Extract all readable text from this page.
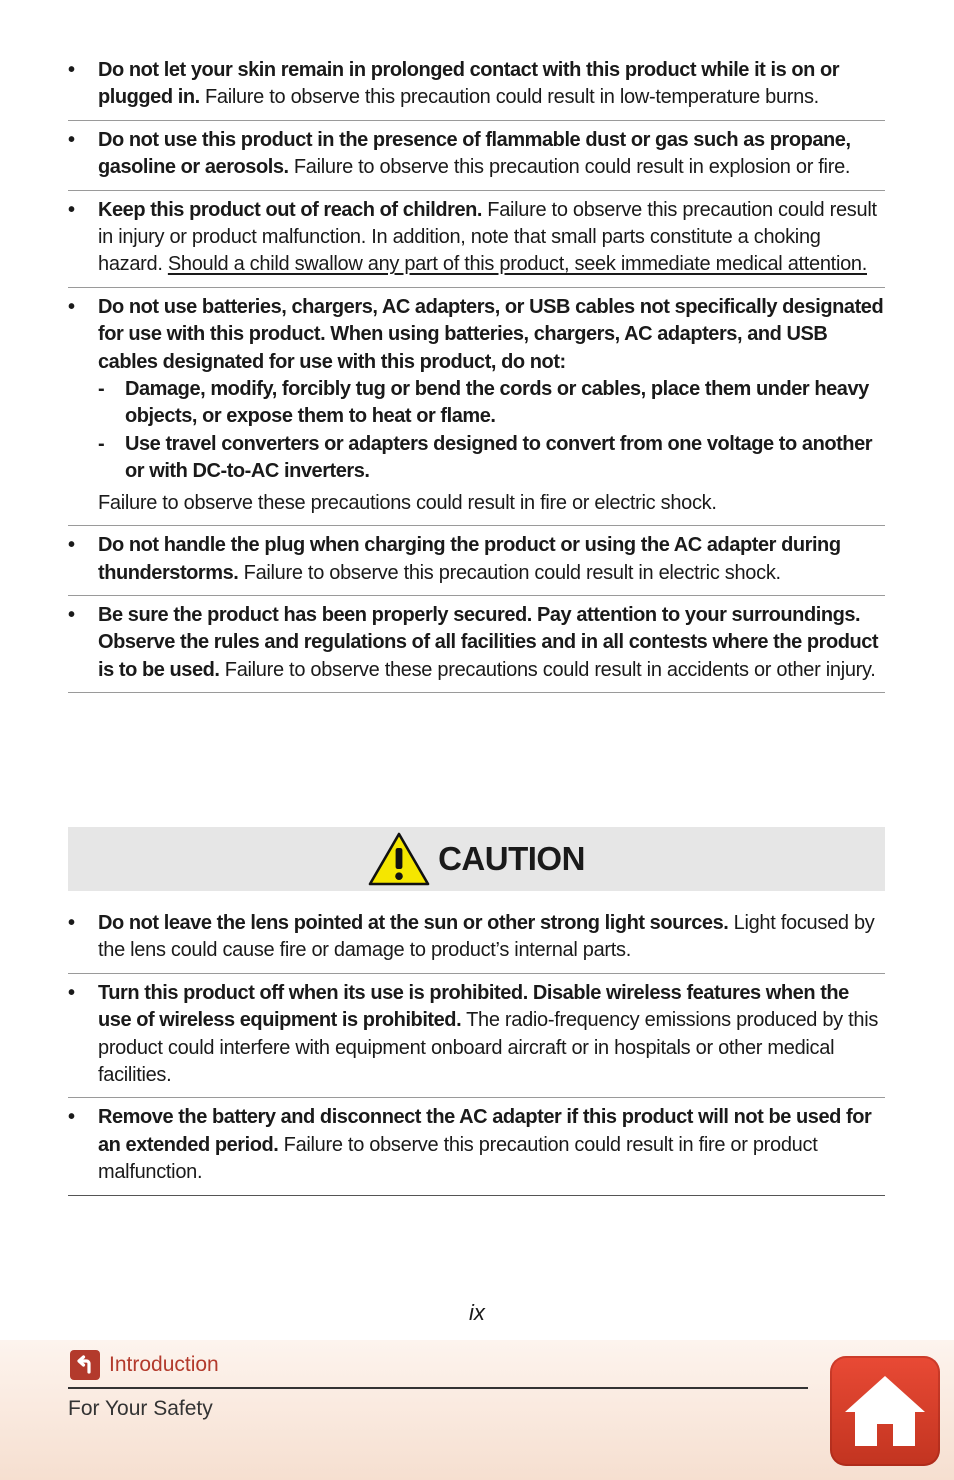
• Do not let your skin remain in prolonged contact with this product while it is on or plugged in. Failure to observe this precaution could result in low-temperature burns.
• Do not use this product in the presence of flammable dust or gas such as propane, gasoline or aerosols. Failure to observe this precaution could result in explosion or fire.
• Keep this product out of reach of children. Failure to observe this precaution could result in injury or product malfunction. In addition, note that small parts constitute a choking hazard. Should a child swallow any part of this product, seek immediate medical attention.
• Do not use batteries, chargers, AC adapters, or USB cables not specifically designated for use with this product. When using batteries, chargers, AC adapters, and USB cables designated for use with this product, do not:
- Damage, modify, forcibly tug or bend the cords or cables, place them under heavy objects, or expose them to heat or flame.
- Use travel converters or adapters designed to convert from one voltage to another or with DC-to-AC inverters.
Failure to observe these precautions could result in fire or electric shock.
• Do not handle the plug when charging the product or using the AC adapter during thunderstorms. Failure to observe this precaution could result in electric shock.
• Be sure the product has been properly secured. Pay attention to your surroundings. Observe the rules and regulations of all facilities and in all contests where the product is to be used. Failure to observe these precautions could result in accidents or other injury.
CAUTION
• Do not leave the lens pointed at the sun or other strong light sources. Light focused by the lens could cause fire or damage to product’s internal parts.
• Turn this product off when its use is prohibited. Disable wireless features when the use of wireless equipment is prohibited. The radio-frequency emissions produced by this product could interfere with equipment onboard aircraft or in hospitals or other medical facilities.
• Remove the battery and disconnect the AC adapter if this product will not be used for an extended period. Failure to observe this precaution could result in fire or product malfunction.
ix
Introduction
For Your Safety
